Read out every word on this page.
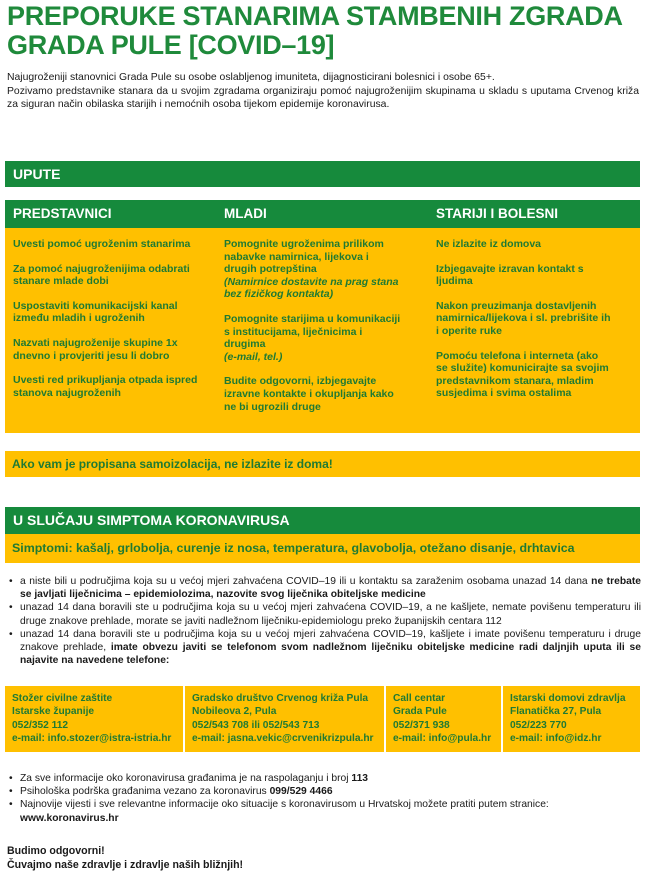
PREPORUKE STANARIMA STAMBENIH ZGRADA
GRADA PULE [COVID–19]

Najugroženiji stanovnici Grada Pule su osobe oslabljenog imuniteta, dijagnosticirani bolesnici i osobe 65+.

Pozivamo predstavnike stanara da u svojim zgradama organiziraju pomoć najugroženijim skupinama u skladu s uputama Crvenog križa za siguran način obilaska starijih i nemoćnih osoba tijekom epidemije koronavirusa.

UPUTE
PREDSTAVNICI	MLADI	STARIJI I BOLESNI
Uvesti pomoć ugroženim stanarima
Za pomoć najugroženijima odabrati stanare mlade dobi
Uspostaviti komunikacijski kanal između mladih i ugroženih
Nazvati najugroženije skupine 1x dnevno i provjeriti jesu li dobro
Uvesti red prikupljanja otpada ispred stanova najugroženih
Pomognite ugroženima prilikom nabavke namirnica, lijekova i drugih potrepština
(Namirnice dostavite na prag stana bez fizičkog kontakta)
Pomognite starijima u komunikaciji s institucijama, liječnicima i drugima
(e-mail, tel.)
Budite odgovorni, izbjegavajte izravne kontakte i okupljanja kako ne bi ugrozili druge
Ne izlazite iz domova
Izbjegavajte izravan kontakt s ljudima
Nakon preuzimanja dostavljenih namirnica/lijekova i sl. prebrišite ih i operite ruke
Pomoću telefona i interneta (ako se služite) komunicirajte sa svojim predstavnikom stanara, mladim susjedima i svima ostalima
Ako vam je propisana samoizolacija, ne izlazite iz doma!
U SLUČAJU SIMPTOMA KORONAVIRUSA
Simptomi: kašalj, grlobolja, curenje iz nosa, temperatura, glavobolja, otežano disanje, drhtavica
• a niste bili u područjima koja su u većoj mjeri zahvaćena COVID–19 ili u kontaktu sa zaraženim osobama unazad 14 dana ne trebate se javljati liječnicima – epidemiolozima, nazovite svog liječnika obiteljske medicine
• unazad 14 dana boravili ste u područjima koja su u većoj mjeri zahvaćena COVID–19, a ne kašljete, nemate povišenu temperaturu ili druge znakove prehlade, morate se javiti nadležnom liječniku-epidemiologu preko županijskih centara 112
• unazad 14 dana boravili ste u područjima koja su u većoj mjeri zahvaćena COVID–19, kašljete i imate povišenu temperaturu i druge znakove prehlade, imate obvezu javiti se telefonom svom nadležnom liječniku obiteljske medicine radi daljnjih uputa ili se najavite na navedene telefone:
Stožer civilne zaštite
Istarske županije
052/352 112
e-mail: info.stozer@istra-istria.hr
Gradsko društvo Crvenog križa Pula
Nobileova 2, Pula
052/543 708 ili 052/543 713
e-mail: jasna.vekic@crvenikrizpula.hr
Call centar
Grada Pule
052/371 938
e-mail: info@pula.hr
Istarski domovi zdravlja
Flanatička 27, Pula
052/223 770
e-mail: info@idz.hr
• Za sve informacije oko koronavirusa građanima je na raspolaganju i broj 113
• Psihološka podrška građanima vezano za koronavirus 099/529 4466
• Najnovije vijesti i sve relevantne informacije oko situacije s koronavirusom u Hrvatskoj možete pratiti putem stranice:
www.koronavirus.hr
Budimo odgovorni!
Čuvajmo naše zdravlje i zdravlje naših bližnjih!
